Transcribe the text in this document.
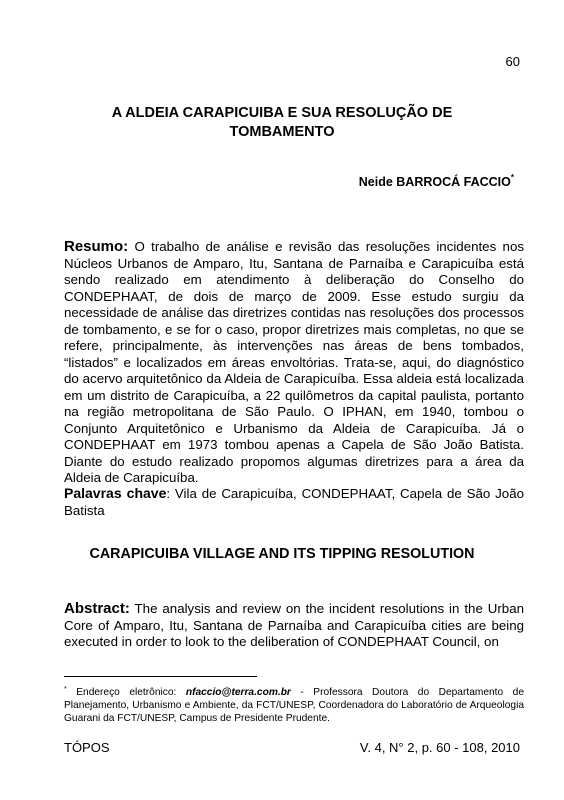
60
A ALDEIA CARAPICUIBA E SUA RESOLUÇÃO DE TOMBAMENTO
Neide BARROCÁ FACCIO*
Resumo: O trabalho de análise e revisão das resoluções incidentes nos Núcleos Urbanos de Amparo, Itu, Santana de Parnaíba e Carapicuíba está sendo realizado em atendimento à deliberação do Conselho do CONDEPHAAT, de dois de março de 2009. Esse estudo surgiu da necessidade de análise das diretrizes contidas nas resoluções dos processos de tombamento, e se for o caso, propor diretrizes mais completas, no que se refere, principalmente, às intervenções nas áreas de bens tombados, “listados” e localizados em áreas envoltórias. Trata-se, aqui, do diagnóstico do acervo arquitetônico da Aldeia de Carapicuíba. Essa aldeia está localizada em um distrito de Carapicuíba, a 22 quilômetros da capital paulista, portanto na região metropolitana de São Paulo. O IPHAN, em 1940, tombou o Conjunto Arquitetônico e Urbanismo da Aldeia de Carapicuíba. Já o CONDEPHAAT em 1973 tombou apenas a Capela de São João Batista. Diante do estudo realizado propomos algumas diretrizes para a área da Aldeia de Carapicuíba.
Palavras chave: Vila de Carapicuíba, CONDEPHAAT, Capela de São João Batista
CARAPICUIBA VILLAGE AND ITS TIPPING RESOLUTION
Abstract: The analysis and review on the incident resolutions in the Urban Core of Amparo, Itu, Santana de Parnaíba and Carapicuíba cities are being executed in order to look to the deliberation of CONDEPHAAT Council, on
* Endereço eletrônico: nfaccio@terra.com.br - Professora Doutora do Departamento de Planejamento, Urbanismo e Ambiente, da FCT/UNESP, Coordenadora do Laboratório de Arqueologia Guarani da FCT/UNESP, Campus de Presidente Prudente.
TÓPOS	V. 4, N° 2, p. 60 - 108, 2010
